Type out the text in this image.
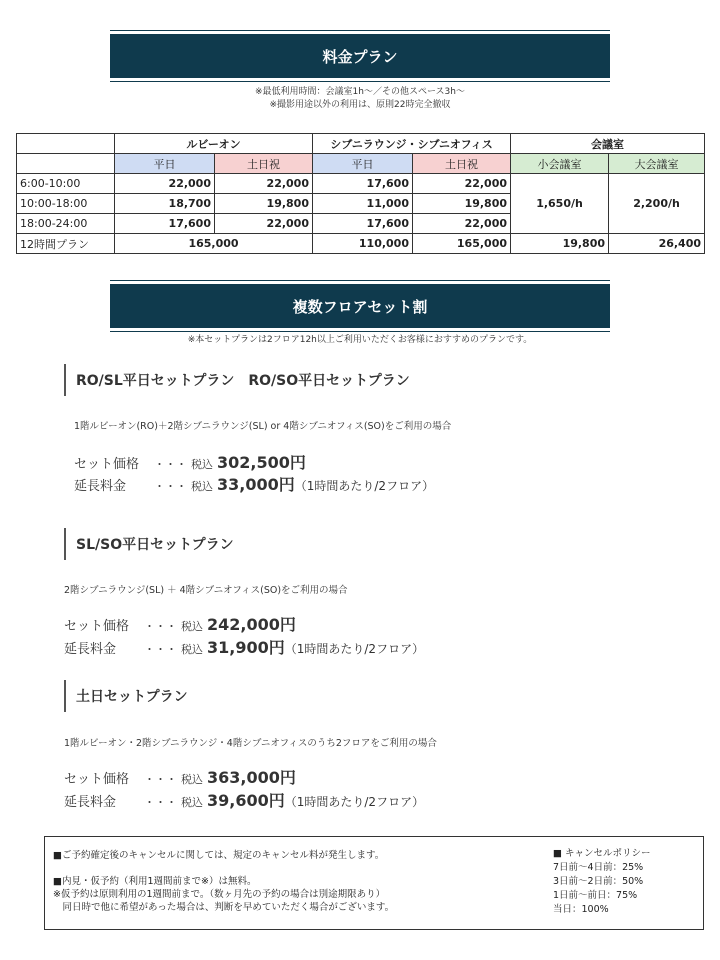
料金プラン
※最低利用時間：会議室1h〜／その他スペース3h〜
※撮影用途以外の利用は、原則22時完全撤収
	ルビーオン		シブニラウンジ・シブニオフィス		会議室	
	平日	土日祝	平日	土日祝	小会議室	大会議室
6:00-10:00	22,000	22,000	17,600	22,000	1,650/h	2,200/h
10:00-18:00	18,700	19,800	11,000	19,800		
18:00-24:00	17,600	22,000	17,600	22,000		
12時間プラン	165,000		110,000	165,000	19,800	26,400
複数フロアセット割
※本セットプランは2フロア12h以上ご利用いただくお客様におすすめのプランです。
RO/SL平日セットプラン　RO/SO平日セットプラン
1階ルビーオン(RO)＋2階シブニラウンジ(SL) or 4階シブニオフィス(SO)をご利用の場合
セット価格	・・・ 税込 302,500円
延長料金	・・・ 税込 33,000円 （1時間あたり/2フロア）
SL/SO平日セットプラン
2階シブニラウンジ(SL) ＋ 4階シブニオフィス(SO)をご利用の場合
セット価格	・・・ 税込 242,000円
延長料金	・・・ 税込 31,900円 （1時間あたり/2フロア）
土日セットプラン
1階ルビーオン・2階シブニラウンジ・4階シブニオフィスのうち2フロアをご利用の場合
セット価格	・・・ 税込 363,000円
延長料金	・・・ 税込 39,600円 （1時間あたり/2フロア）

■ご予約確定後のキャンセルに関しては、規定のキャンセル料が発生します。

■内見・仮予約（利用1週間前まで※）は無料。

※仮予約は原則利用の1週間前まで。（数ヶ月先の予約の場合は別途期限あり）

　同日時で他に希望があった場合は、判断を早めていただく場合がございます。

■ キャンセルポリシー

7日前〜4日前：25%

3日前〜2日前：50%

1日前〜前日：75%

当日：100%
